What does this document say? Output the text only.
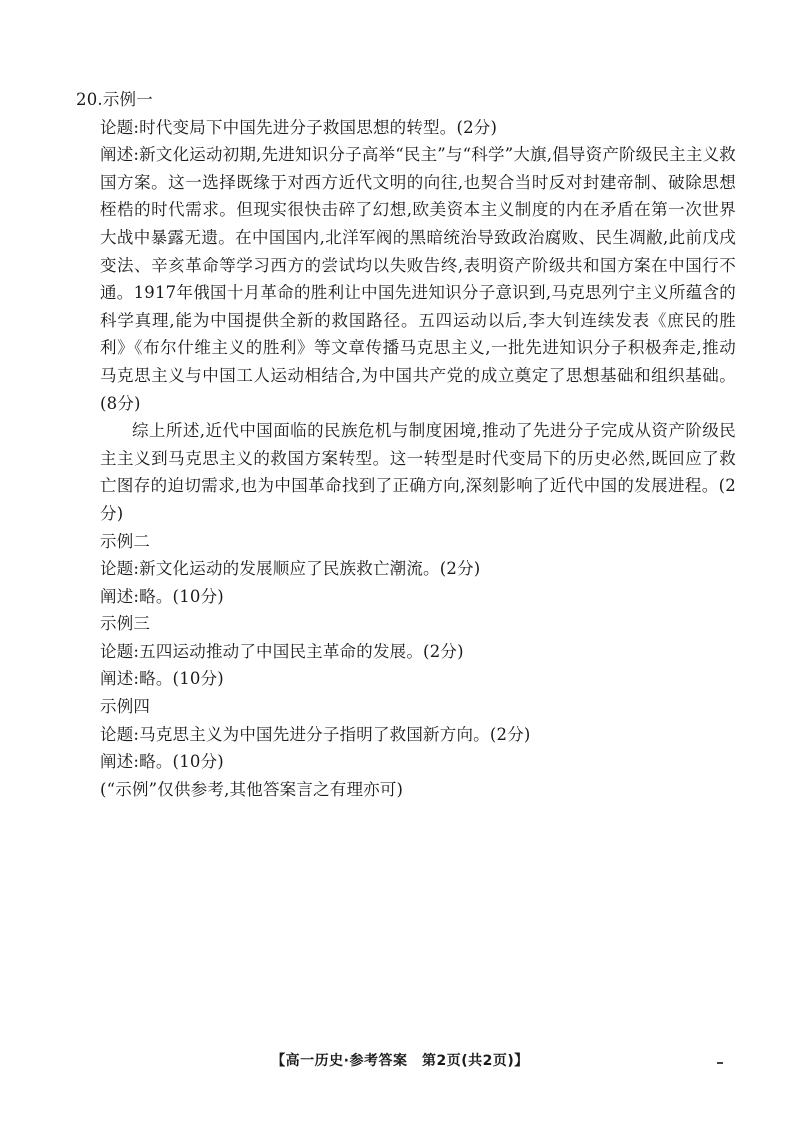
20.示例一

论题:时代变局下中国先进分子救国思想的转型。(2分)

阐述:新文化运动初期,先进知识分子高举“民主”与“科学”大旗,倡导资产阶级民主主义救国方案。这一选择既缘于对西方近代文明的向往,也契合当时反对封建帝制、破除思想桎梏的时代需求。但现实很快击碎了幻想,欧美资本主义制度的内在矛盾在第一次世界大战中暴露无遗。在中国国内,北洋军阀的黑暗统治导致政治腐败、民生凋敝,此前戊戌变法、辛亥革命等学习西方的尝试均以失败告终,表明资产阶级共和国方案在中国行不通。1917年俄国十月革命的胜利让中国先进知识分子意识到,马克思列宁主义所蕴含的科学真理,能为中国提供全新的救国路径。五四运动以后,李大钊连续发表《庶民的胜利》《布尔什维主义的胜利》等文章传播马克思主义,一批先进知识分子积极奔走,推动马克思主义与中国工人运动相结合,为中国共产党的成立奠定了思想基础和组织基础。(8分)

综上所述,近代中国面临的民族危机与制度困境,推动了先进分子完成从资产阶级民主主义到马克思主义的救国方案转型。这一转型是时代变局下的历史必然,既回应了救亡图存的迫切需求,也为中国革命找到了正确方向,深刻影响了近代中国的发展进程。(2分)

示例二

论题:新文化运动的发展顺应了民族救亡潮流。(2分)

阐述:略。(10分)

示例三

论题:五四运动推动了中国民主革命的发展。(2分)

阐述:略。(10分)

示例四

论题:马克思主义为中国先进分子指明了救国新方向。(2分)

阐述:略。(10分)

(“示例”仅供参考,其他答案言之有理亦可)

【高一历史·参考答案　第2页(共2页)】
